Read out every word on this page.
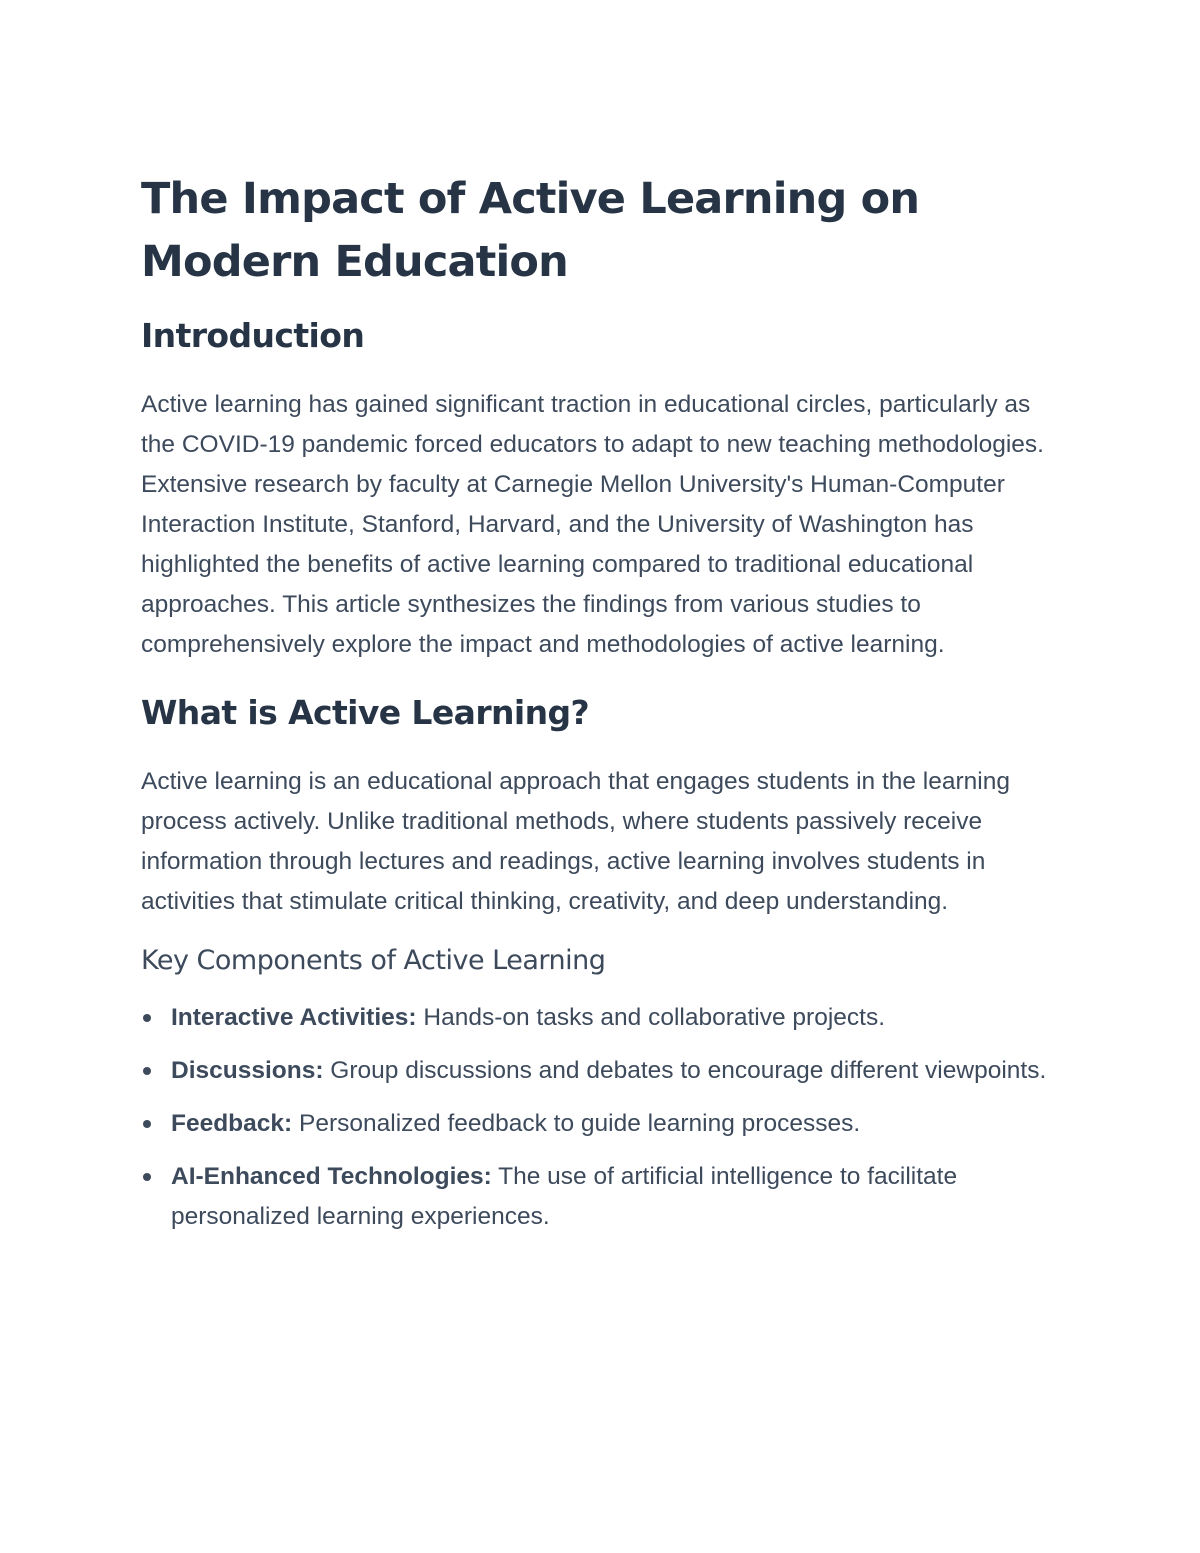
The Impact of Active Learning on Modern Education
Introduction

Active learning has gained significant traction in educational circles, particularly as the COVID-19 pandemic forced educators to adapt to new teaching methodologies. Extensive research by faculty at Carnegie Mellon University's Human-Computer Interaction Institute, Stanford, Harvard, and the University of Washington has highlighted the benefits of active learning compared to traditional educational approaches. This article synthesizes the findings from various studies to comprehensively explore the impact and methodologies of active learning.

What is Active Learning?

Active learning is an educational approach that engages students in the learning process actively. Unlike traditional methods, where students passively receive information through lectures and readings, active learning involves students in activities that stimulate critical thinking, creativity, and deep understanding.

Key Components of Active Learning
Interactive Activities: Hands-on tasks and collaborative projects.
Discussions: Group discussions and debates to encourage different viewpoints.
Feedback: Personalized feedback to guide learning processes.
AI-Enhanced Technologies: The use of artificial intelligence to facilitate personalized learning experiences.
